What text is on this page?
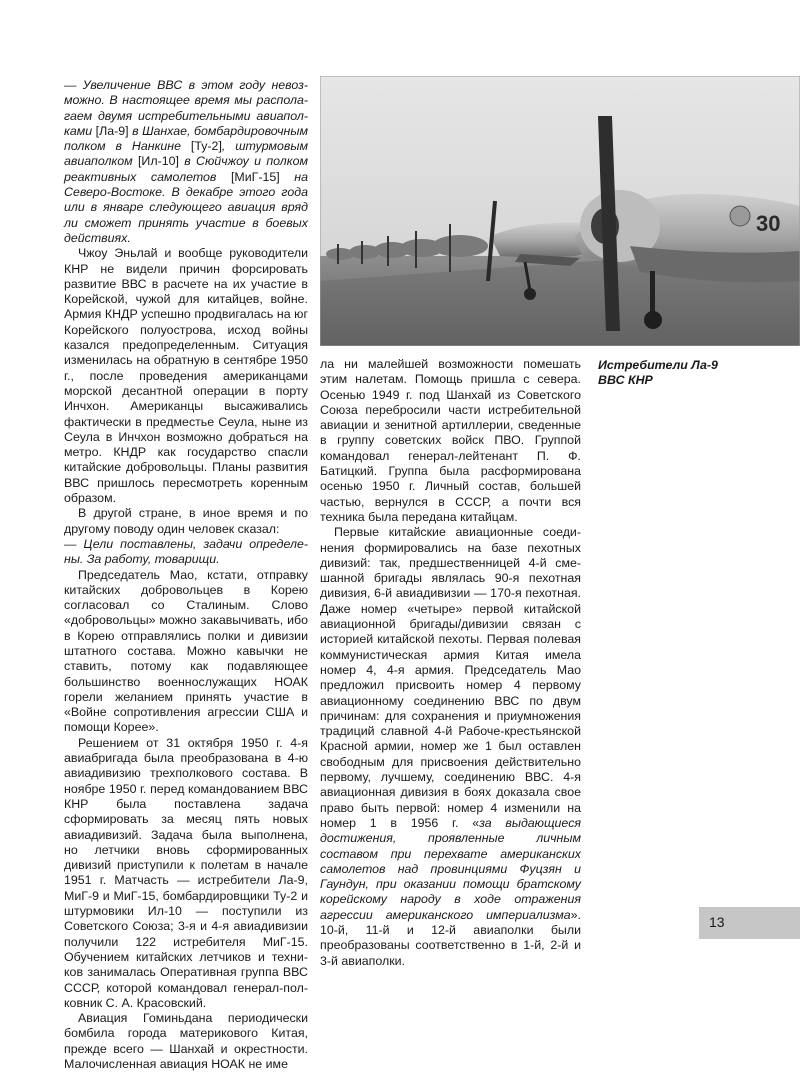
— Увеличение ВВС в этом году невозможно. В настоящее время мы располагаем двумя истребительными авиаполками [Ла-9] в Шанхае, бомбардировочным полком в Нанкине [Ту-2], штурмовым авиаполком [Ил-10] в Сюйчжоу и полком реактивных самолетов [МиГ-15] на Северо-Востоке. В декабре этого года или в январе следующего авиация вряд ли сможет принять участие в боевых действиях.

Чжоу Эньлай и вообще руководители КНР не видели причин форсировать развитие ВВС в расчете на их участие в Корейской, чужой для китайцев, войне. Армия КНДР успешно продвигалась на юг Корейского полуострова, исход войны казался предопределенным. Ситуация изменилась на обратную в сентябре 1950 г., после проведения американцами морской десантной операции в порту Инчхон. Американцы высаживались фактически в предместье Сеула, ныне из Сеула в Инчхон возможно добраться на метро. КНДР как государство спасли китайские добровольцы. Планы развития ВВС пришлось пересмотреть коренным образом.

В другой стране, в иное время и по другому поводу один человек сказал:

— Цели поставлены, задачи определены. За работу, товарищи.

Председатель Мао, кстати, отправку китайских добровольцев в Корею согласовал со Сталиным. Слово «добровольцы» можно закавычивать, ибо в Корею отправлялись полки и дивизии штатного состава. Можно кавычки не ставить, потому как подавляющее большинство военнослужащих НОАК горели желанием принять участие в «Войне сопротивления агрессии США и помощи Корее».

Решением от 31 октября 1950 г. 4-я авиабригада была преобразована в 4-ю авиадивизию трехполкового состава. В ноябре 1950 г. перед командованием ВВС КНР была поставлена задача сформировать за месяц пять новых авиадивизий. Задача была выполнена, но летчики вновь сформированных дивизий приступили к полетам в начале 1951 г. Матчасть — истребители Ла-9, МиГ-9 и МиГ-15, бомбардировщики Ту-2 и штурмовики Ил-10 — поступили из Советского Союза; 3-я и 4-я авиадивизии получили 122 истребителя МиГ-15. Обучением китайских летчиков и техников занималась Оперативная группа ВВС СССР, которой командовал генерал-полковник С. А. Красовский.

Авиация Гоминьдана периодически бомбила города материкового Китая, прежде всего — Шанхай и окрестности. Малочисленная авиация НОАК не име

30

ла ни малейшей возможности помешать этим налетам. Помощь пришла с севера. Осенью 1949 г. под Шанхай из Советского Союза перебросили части истребительной авиации и зенитной артиллерии, сведенные в группу советских войск ПВО. Группой командовал генерал-лейтенант П. Ф. Батицкий. Группа была расформирована осенью 1950 г. Личный состав, большей частью, вернулся в СССР, а почти вся техника была передана китайцам.

Первые китайские авиационные соединения формировались на базе пехотных дивизий: так, предшественницей 4-й смешанной бригады являлась 90-я пехотная дивизия, 6-й авиадивизии — 170-я пехотная. Даже номер «четыре» первой китайской авиационной бригады/дивизии связан с историей китайской пехоты. Первая полевая коммунистическая армия Китая имела номер 4, 4-я армия. Председатель Мао предложил присвоить номер 4 первому авиационному соединению ВВС по двум причинам: для сохранения и приумножения традиций славной 4-й Рабоче-крестьянской Красной армии, номер же 1 был оставлен свободным для присвоения действительно первому, лучшему, соединению ВВС. 4-я авиационная дивизия в боях доказала свое право быть первой: номер 4 изменили на номер 1 в 1956 г. «за выдающиеся достижения, проявленные личным составом при перехвате американских самолетов над провинциями Фуцзян и Гаундун, при оказании помощи братскому корейскому народу в ходе отражения агрессии американского империализма». 10-й, 11-й и 12-й авиаполки были преобразованы соответственно в 1-й, 2-й и 3-й авиаполки.

Истребители Ла-9
ВВС КНР
13
